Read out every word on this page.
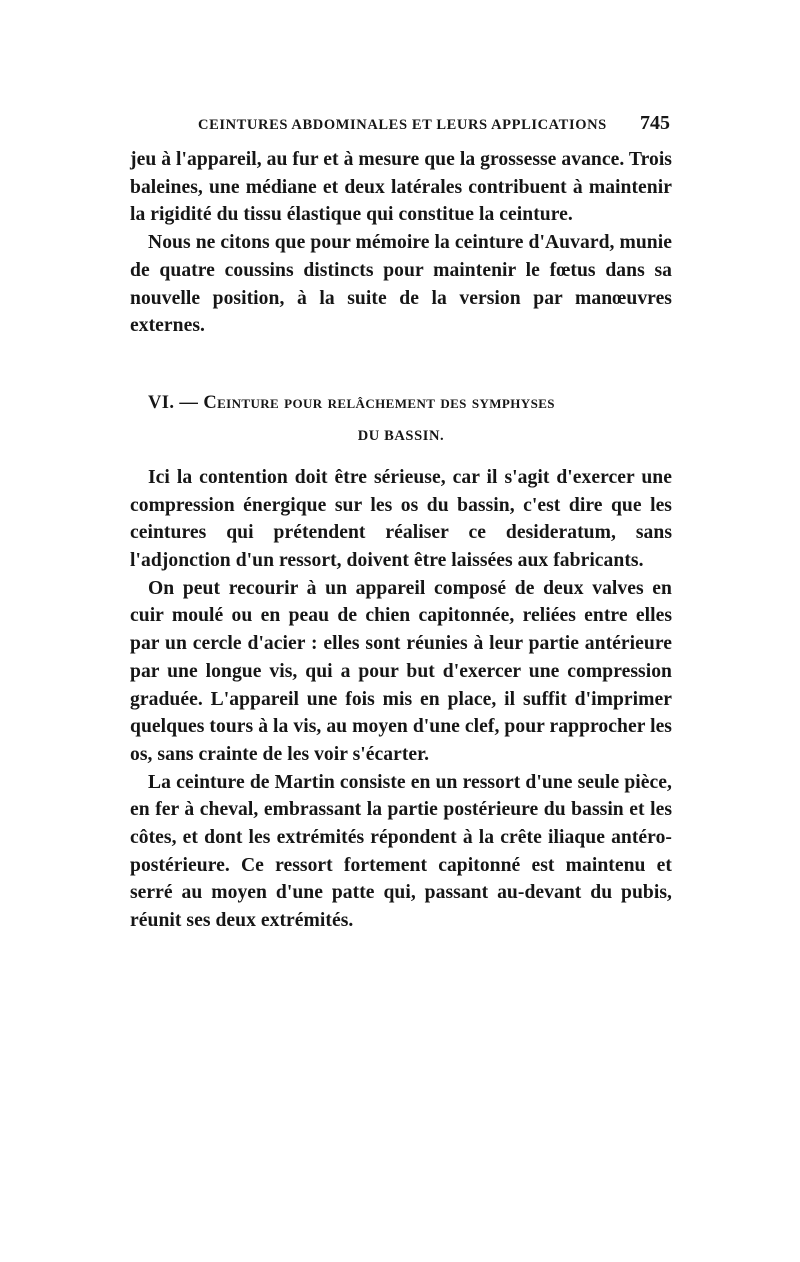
CEINTURES ABDOMINALES ET LEURS APPLICATIONS 745

jeu à l'appareil, au fur et à mesure que la grossesse avance. Trois baleines, une médiane et deux latérales contribuent à maintenir la rigidité du tissu élastique qui constitue la ceinture.

Nous ne citons que pour mémoire la ceinture d'Auvard, munie de quatre coussins distincts pour maintenir le fœtus dans sa nouvelle position, à la suite de la version par manœuvres externes.

VI. — Ceinture pour relâchement des symphyses
DU BASSIN.

Ici la contention doit être sérieuse, car il s'agit d'exercer une compression énergique sur les os du bassin, c'est dire que les ceintures qui prétendent réaliser ce desideratum, sans l'adjonction d'un ressort, doivent être laissées aux fabricants.

On peut recourir à un appareil composé de deux valves en cuir moulé ou en peau de chien capitonnée, reliées entre elles par un cercle d'acier : elles sont réunies à leur partie antérieure par une longue vis, qui a pour but d'exercer une compression graduée. L'appareil une fois mis en place, il suffit d'imprimer quelques tours à la vis, au moyen d'une clef, pour rapprocher les os, sans crainte de les voir s'écarter.

La ceinture de Martin consiste en un ressort d'une seule pièce, en fer à cheval, embrassant la partie postérieure du bassin et les côtes, et dont les extrémités répondent à la crête iliaque antéro-postérieure. Ce ressort fortement capitonné est maintenu et serré au moyen d'une patte qui, passant au-devant du pubis, réunit ses deux extrémités.
